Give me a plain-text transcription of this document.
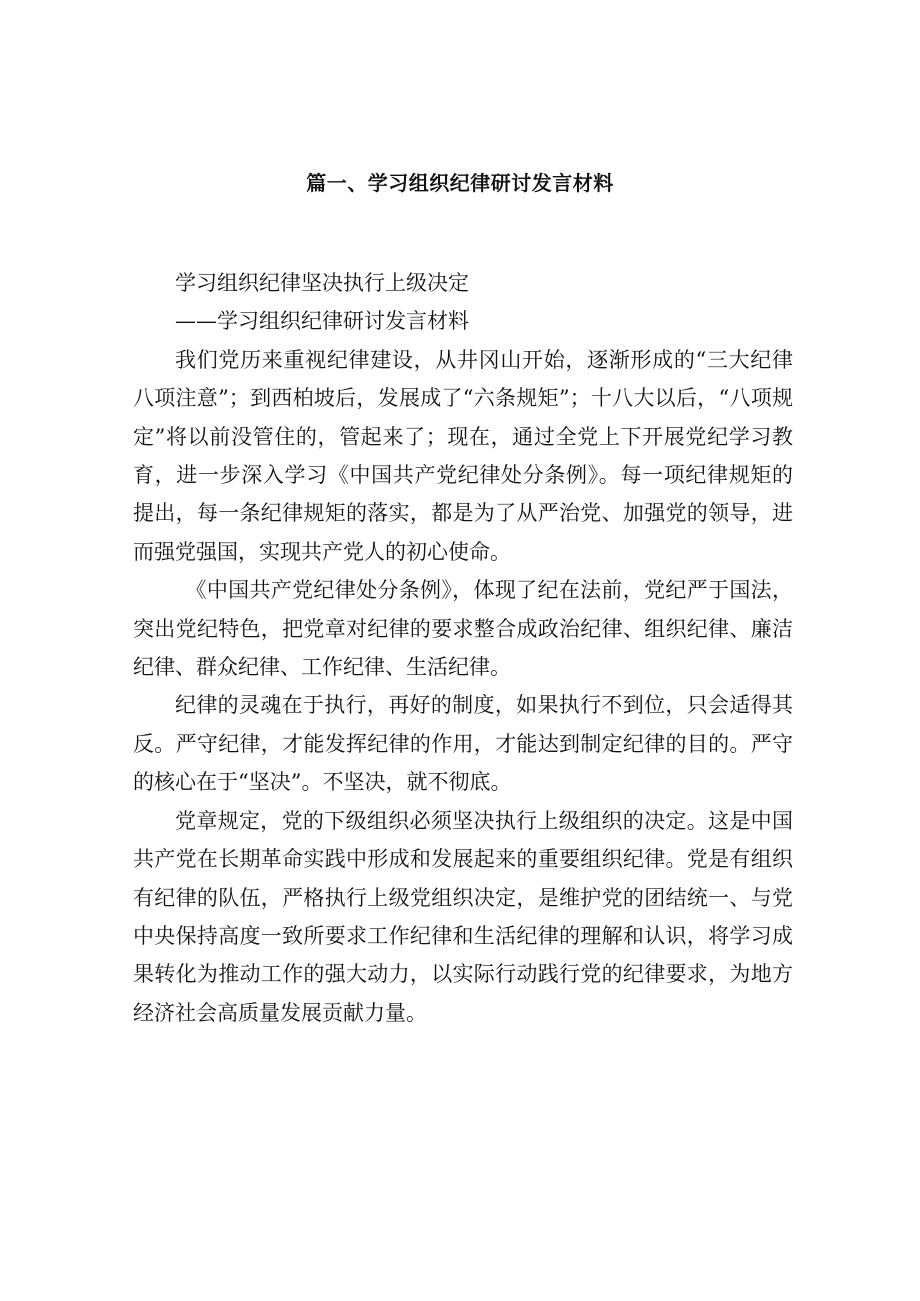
篇一、学习组织纪律研讨发言材料

学习组织纪律坚决执行上级决定

——学习组织纪律研讨发言材料

我们党历来重视纪律建设，从井冈山开始，逐渐形成的“三大纪律八项注意”；到西柏坡后，发展成了“六条规矩”；十八大以后，“八项规定”将以前没管住的，管起来了；现在，通过全党上下开展党纪学习教育，进一步深入学习《中国共产党纪律处分条例》。每一项纪律规矩的提出，每一条纪律规矩的落实，都是为了从严治党、加强党的领导，进而强党强国，实现共产党人的初心使命。

《中国共产党纪律处分条例》，体现了纪在法前，党纪严于国法，突出党纪特色，把党章对纪律的要求整合成政治纪律、组织纪律、廉洁纪律、群众纪律、工作纪律、生活纪律。

纪律的灵魂在于执行，再好的制度，如果执行不到位，只会适得其反。严守纪律，才能发挥纪律的作用，才能达到制定纪律的目的。严守的核心在于“坚决”。不坚决，就不彻底。

党章规定，党的下级组织必须坚决执行上级组织的决定。这是中国共产党在长期革命实践中形成和发展起来的重要组织纪律。党是有组织有纪律的队伍，严格执行上级党组织决定，是维护党的团结统一、与党中央保持高度一致所要求工作纪律和生活纪律的理解和认识，将学习成果转化为推动工作的强大动力，以实际行动践行党的纪律要求，为地方经济社会高质量发展贡献力量。
